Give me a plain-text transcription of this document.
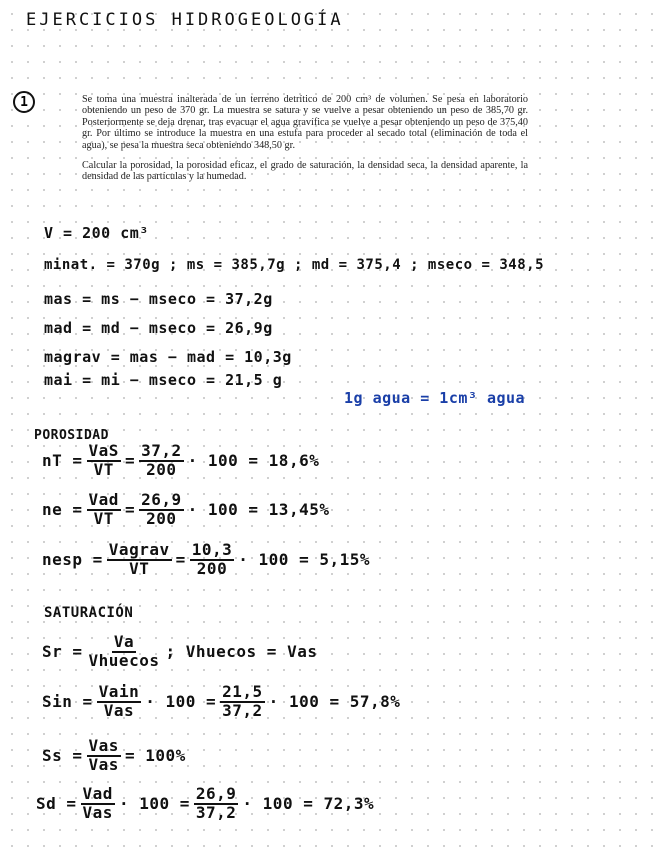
EJERCICIOS HIDROGEOLOGÍA
1	Se toma una muestra inalterada de un terreno detrítico de 200 cm³ de volumen. Se pesa en laboratorio obteniendo un peso de 370 gr. La muestra se satura y se vuelve a pesar obteniendo un peso de 385,70 gr. Posteriormente se deja drenar, tras evacuar el agua gravífica se vuelve a pesar obteniendo un peso de 375,40 gr. Por último se introduce la muestra en una estufa para proceder al secado total (eliminación de toda el agua), se pesa la muestra seca obteniendo 348,50 gr.

Calcular la porosidad, la porosidad eficaz, el grado de saturación, la densidad seca, la densidad aparente, la densidad de las partículas y la humedad.

V = 200 cm³
minat. = 370g ; ms = 385,7g ; md = 375,4 ; mseco = 348,5
mas = ms − mseco = 37,2g
mad = md − mseco = 26,9g
magrav = mas − mad = 10,3g
mai = mi − mseco = 21,5 g
1g agua = 1cm³ agua
POROSIDAD
nT = $\frac{\text{VaS}}{VT} = \frac{37,2}{200} \cdot 100 = 18,6\%$
ne = $\frac{\text{Vad}}{VT} = \frac{26,9}{200} \cdot 100 = 13,45\%$
nesp = $\frac{\text{Vagrav}}{VT} = \frac{10,3}{200} \cdot 100 = 5,15\%$
SATURACIÓN
$Sr = \frac{Va}{\text{Vhuecos}}$ ; Vhuecos = Vas
Sin = $\frac{\text{Vain}}{\text{Vas}} \cdot 100 = \frac{21,5}{37,2} \cdot 100 = 57,8\%$
$Ss = \frac{\text{Vas}}{\text{Vas}} = 100\%$
$Sd = \frac{\text{Vad}}{\text{Vas}} \cdot 100 = \frac{26,9}{37,2} \cdot 100 = 72,3\%$
